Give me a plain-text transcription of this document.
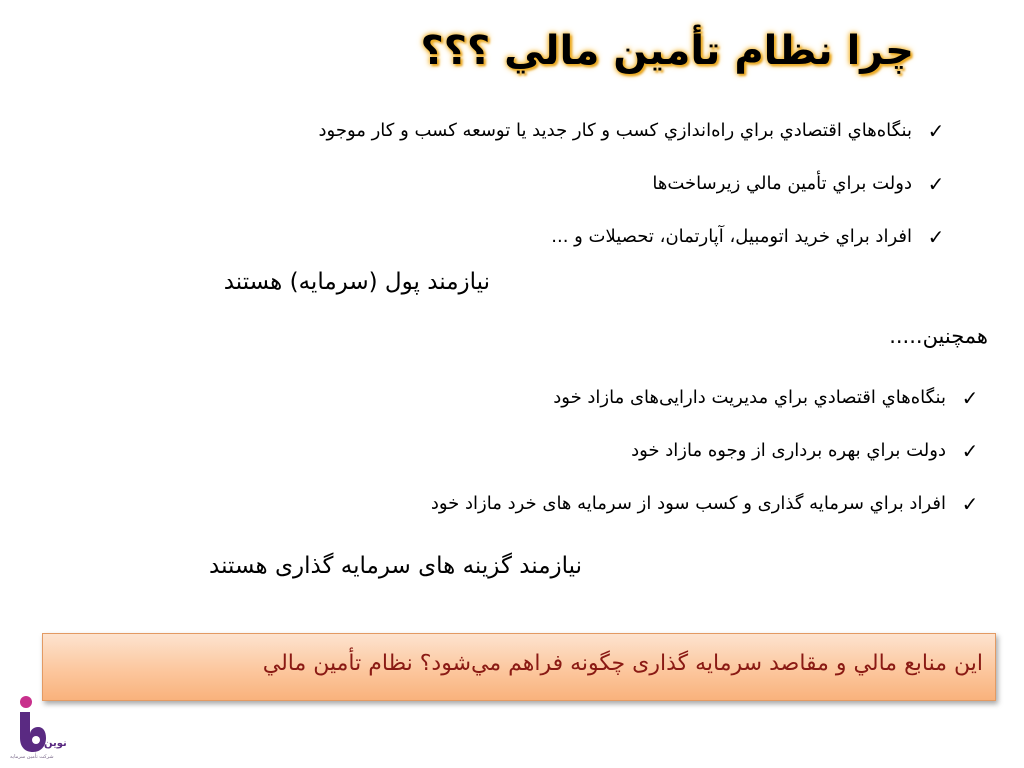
چرا نظام تأمين مالي ؟؟؟
✓
بنگاه‌هاي اقتصادي براي راه‌اندازي كسب و كار جديد يا توسعه كسب و كار موجود
✓
دولت براي تأمين مالي زيرساخت‌ها
✓
افراد براي خريد اتومبيل، آپارتمان، تحصيلات و ...
نيازمند پول (سرمايه) هستند
همچنین.....
✓
بنگاه‌هاي اقتصادي براي مديريت دارایی‌های مازاد خود
✓
دولت براي بهره برداری از وجوه مازاد خود
✓
افراد براي سرمايه گذاری و کسب سود از سرمايه های خرد مازاد خود
نیازمند گزینه های سرمايه گذاری هستند
اين منابع مالي و مقاصد سرمايه گذاری چگونه فراهم مي‌شود؟ نظام تأمين مالي
نوین
شرکت تأمین سرمایه
